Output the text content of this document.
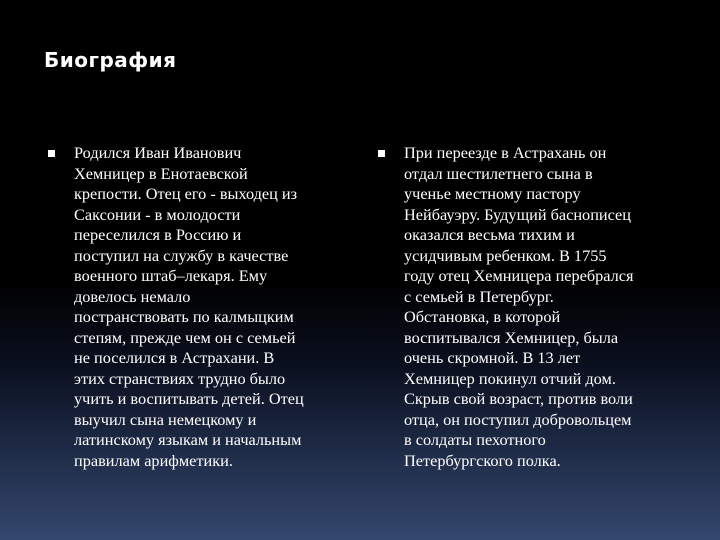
Биография

Родился Иван Иванович
Хемницер в Енотаевской
крепости. Отец его - выходец из
Саксонии - в молодости
переселился в Россию и
поступил на службу в качестве
военного штаб–лекаря. Ему
довелось немало
постранствовать по калмыцким
степям, прежде чем он с семьей
не поселился в Астрахани. В
этих странствиях трудно было
учить и воспитывать детей. Отец
выучил сына немецкому и
латинскому языкам и начальным
правилам арифметики.

При переезде в Астрахань он
отдал шестилетнего сына в
ученье местному пастору
Нейбауэру. Будущий баснописец
оказался весьма тихим и
усидчивым ребенком. В 1755
году отец Хемницера перебрался
с семьей в Петербург.
Обстановка, в которой
воспитывался Хемницер, была
очень скромной. В 13 лет
Хемницер покинул отчий дом.
Скрыв свой возраст, против воли
отца, он поступил добровольцем
в солдаты пехотного
Петербургского полка.
